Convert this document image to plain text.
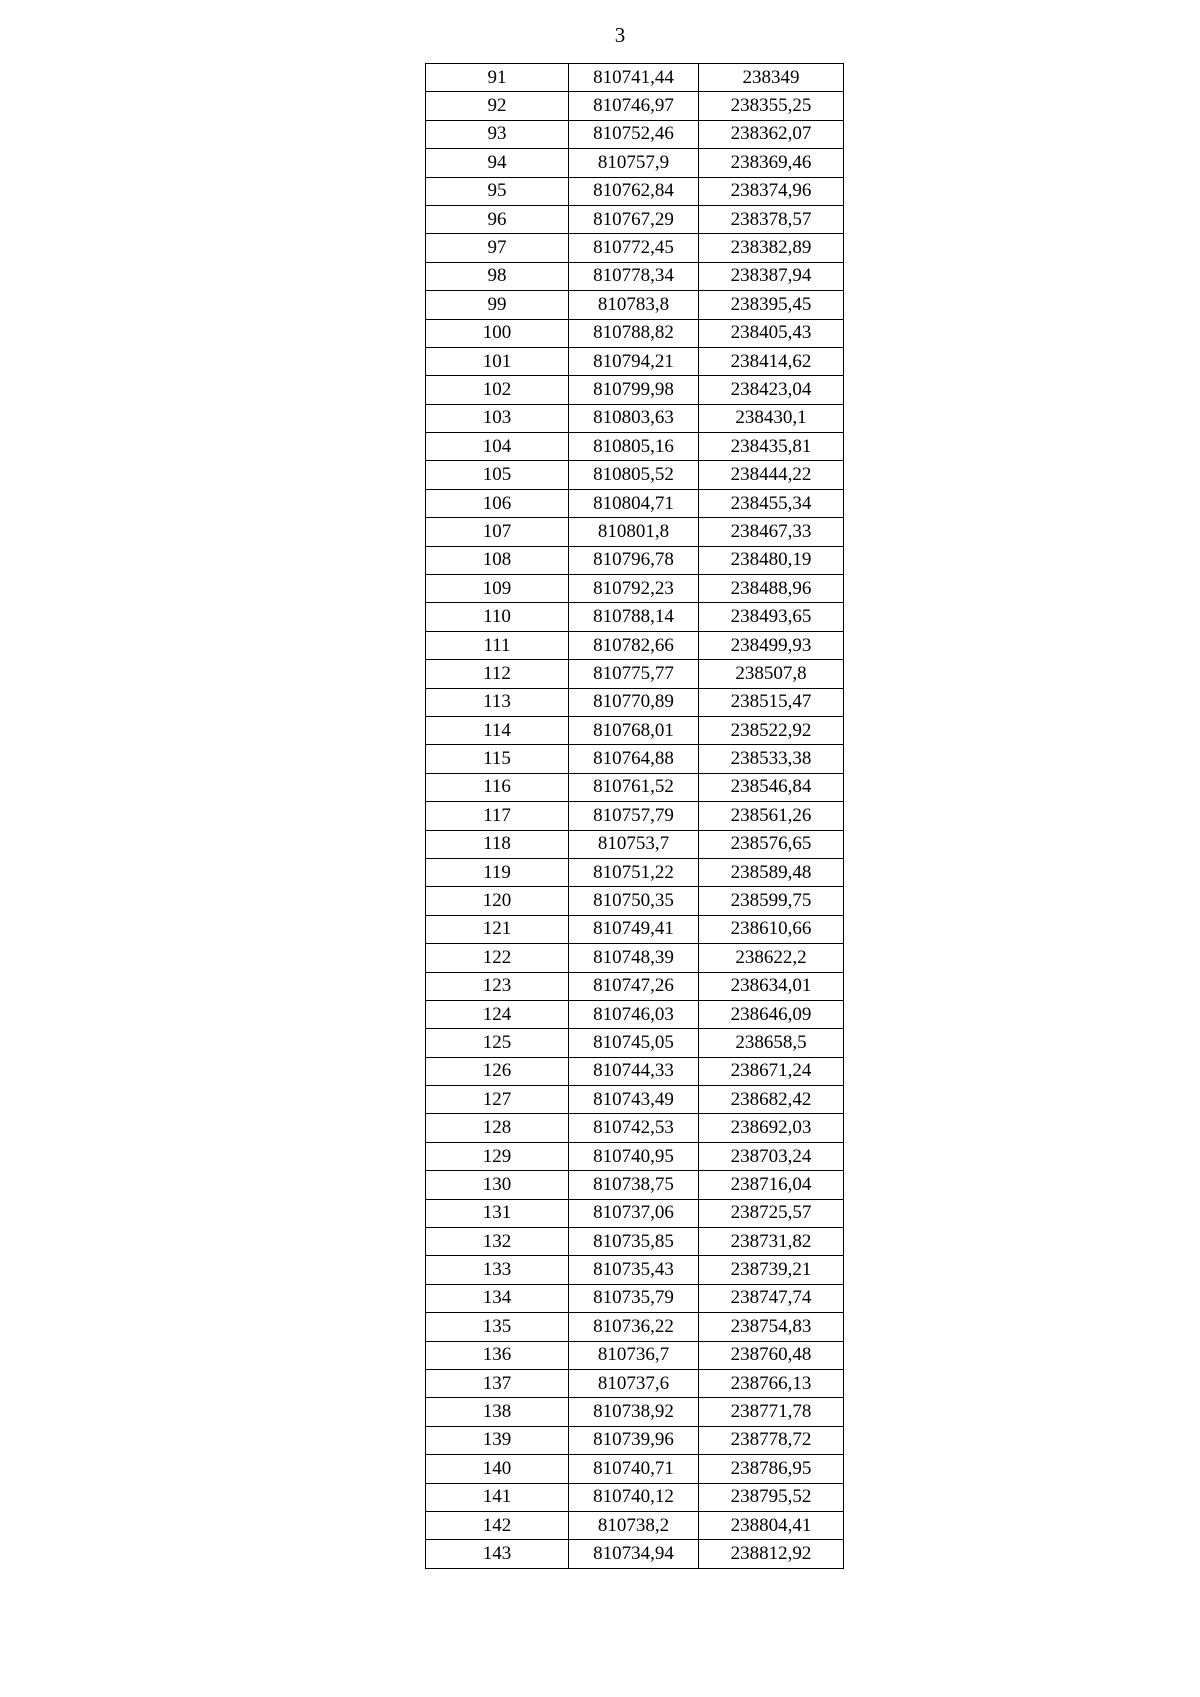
3
91	810741,44	238349
92	810746,97	238355,25
93	810752,46	238362,07
94	810757,9	238369,46
95	810762,84	238374,96
96	810767,29	238378,57
97	810772,45	238382,89
98	810778,34	238387,94
99	810783,8	238395,45
100	810788,82	238405,43
101	810794,21	238414,62
102	810799,98	238423,04
103	810803,63	238430,1
104	810805,16	238435,81
105	810805,52	238444,22
106	810804,71	238455,34
107	810801,8	238467,33
108	810796,78	238480,19
109	810792,23	238488,96
110	810788,14	238493,65
111	810782,66	238499,93
112	810775,77	238507,8
113	810770,89	238515,47
114	810768,01	238522,92
115	810764,88	238533,38
116	810761,52	238546,84
117	810757,79	238561,26
118	810753,7	238576,65
119	810751,22	238589,48
120	810750,35	238599,75
121	810749,41	238610,66
122	810748,39	238622,2
123	810747,26	238634,01
124	810746,03	238646,09
125	810745,05	238658,5
126	810744,33	238671,24
127	810743,49	238682,42
128	810742,53	238692,03
129	810740,95	238703,24
130	810738,75	238716,04
131	810737,06	238725,57
132	810735,85	238731,82
133	810735,43	238739,21
134	810735,79	238747,74
135	810736,22	238754,83
136	810736,7	238760,48
137	810737,6	238766,13
138	810738,92	238771,78
139	810739,96	238778,72
140	810740,71	238786,95
141	810740,12	238795,52
142	810738,2	238804,41
143	810734,94	238812,92
